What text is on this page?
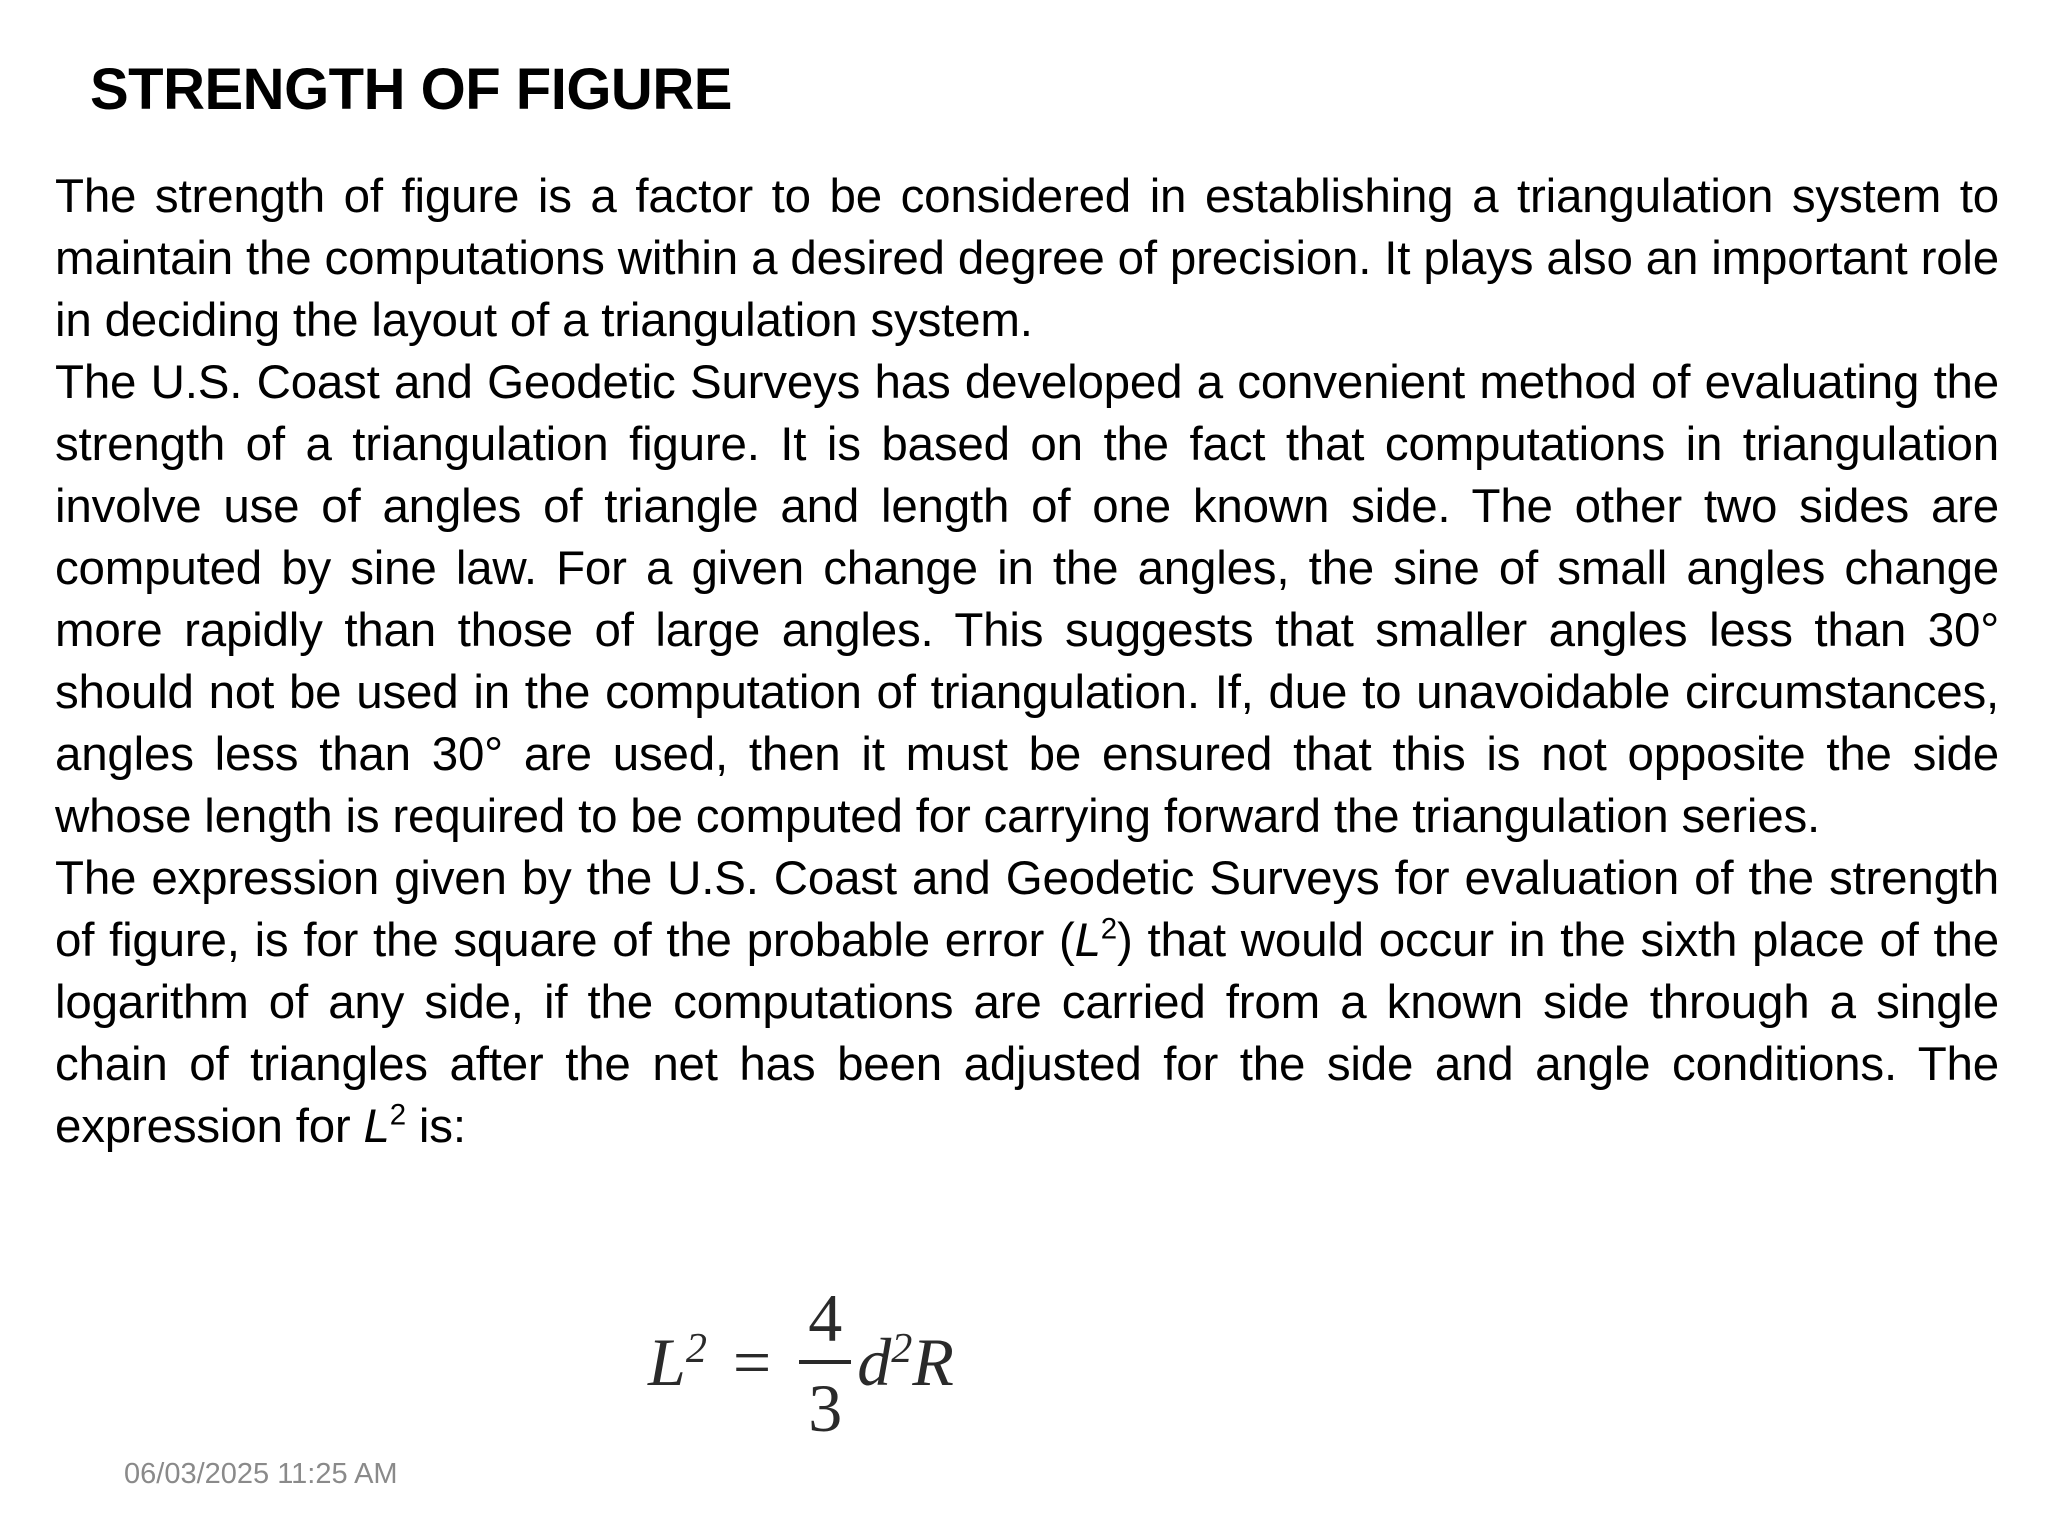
STRENGTH OF FIGURE

The strength of figure is a factor to be considered in establishing a triangulation system to maintain the computations within a desired degree of precision. It plays also an important role in deciding the layout of a triangulation system.

The U.S. Coast and Geodetic Surveys has developed a convenient method of evaluating the strength of a triangulation figure. It is based on the fact that computations in triangulation involve use of angles of triangle and length of one known side. The other two sides are computed by sine law. For a given change in the angles, the sine of small angles change more rapidly than those of large angles. This suggests that smaller angles less than 30° should not be used in the computation of triangulation. If, due to unavoidable circumstances, angles less than 30° are used, then it must be ensured that this is not opposite the side whose length is required to be computed for carrying forward the triangulation series.

The expression given by the U.S. Coast and Geodetic Surveys for evaluation of the strength of figure, is for the square of the probable error $(L^2)$ that would occur in the sixth place of the logarithm of any side, if the computations are carried from a known side through a single chain of triangles after the net has been adjusted for the side and angle conditions. The expression for $L^2$ is:

$L^2 = \frac{4}{3} d^2R$
06/03/2025 11:25 AM
